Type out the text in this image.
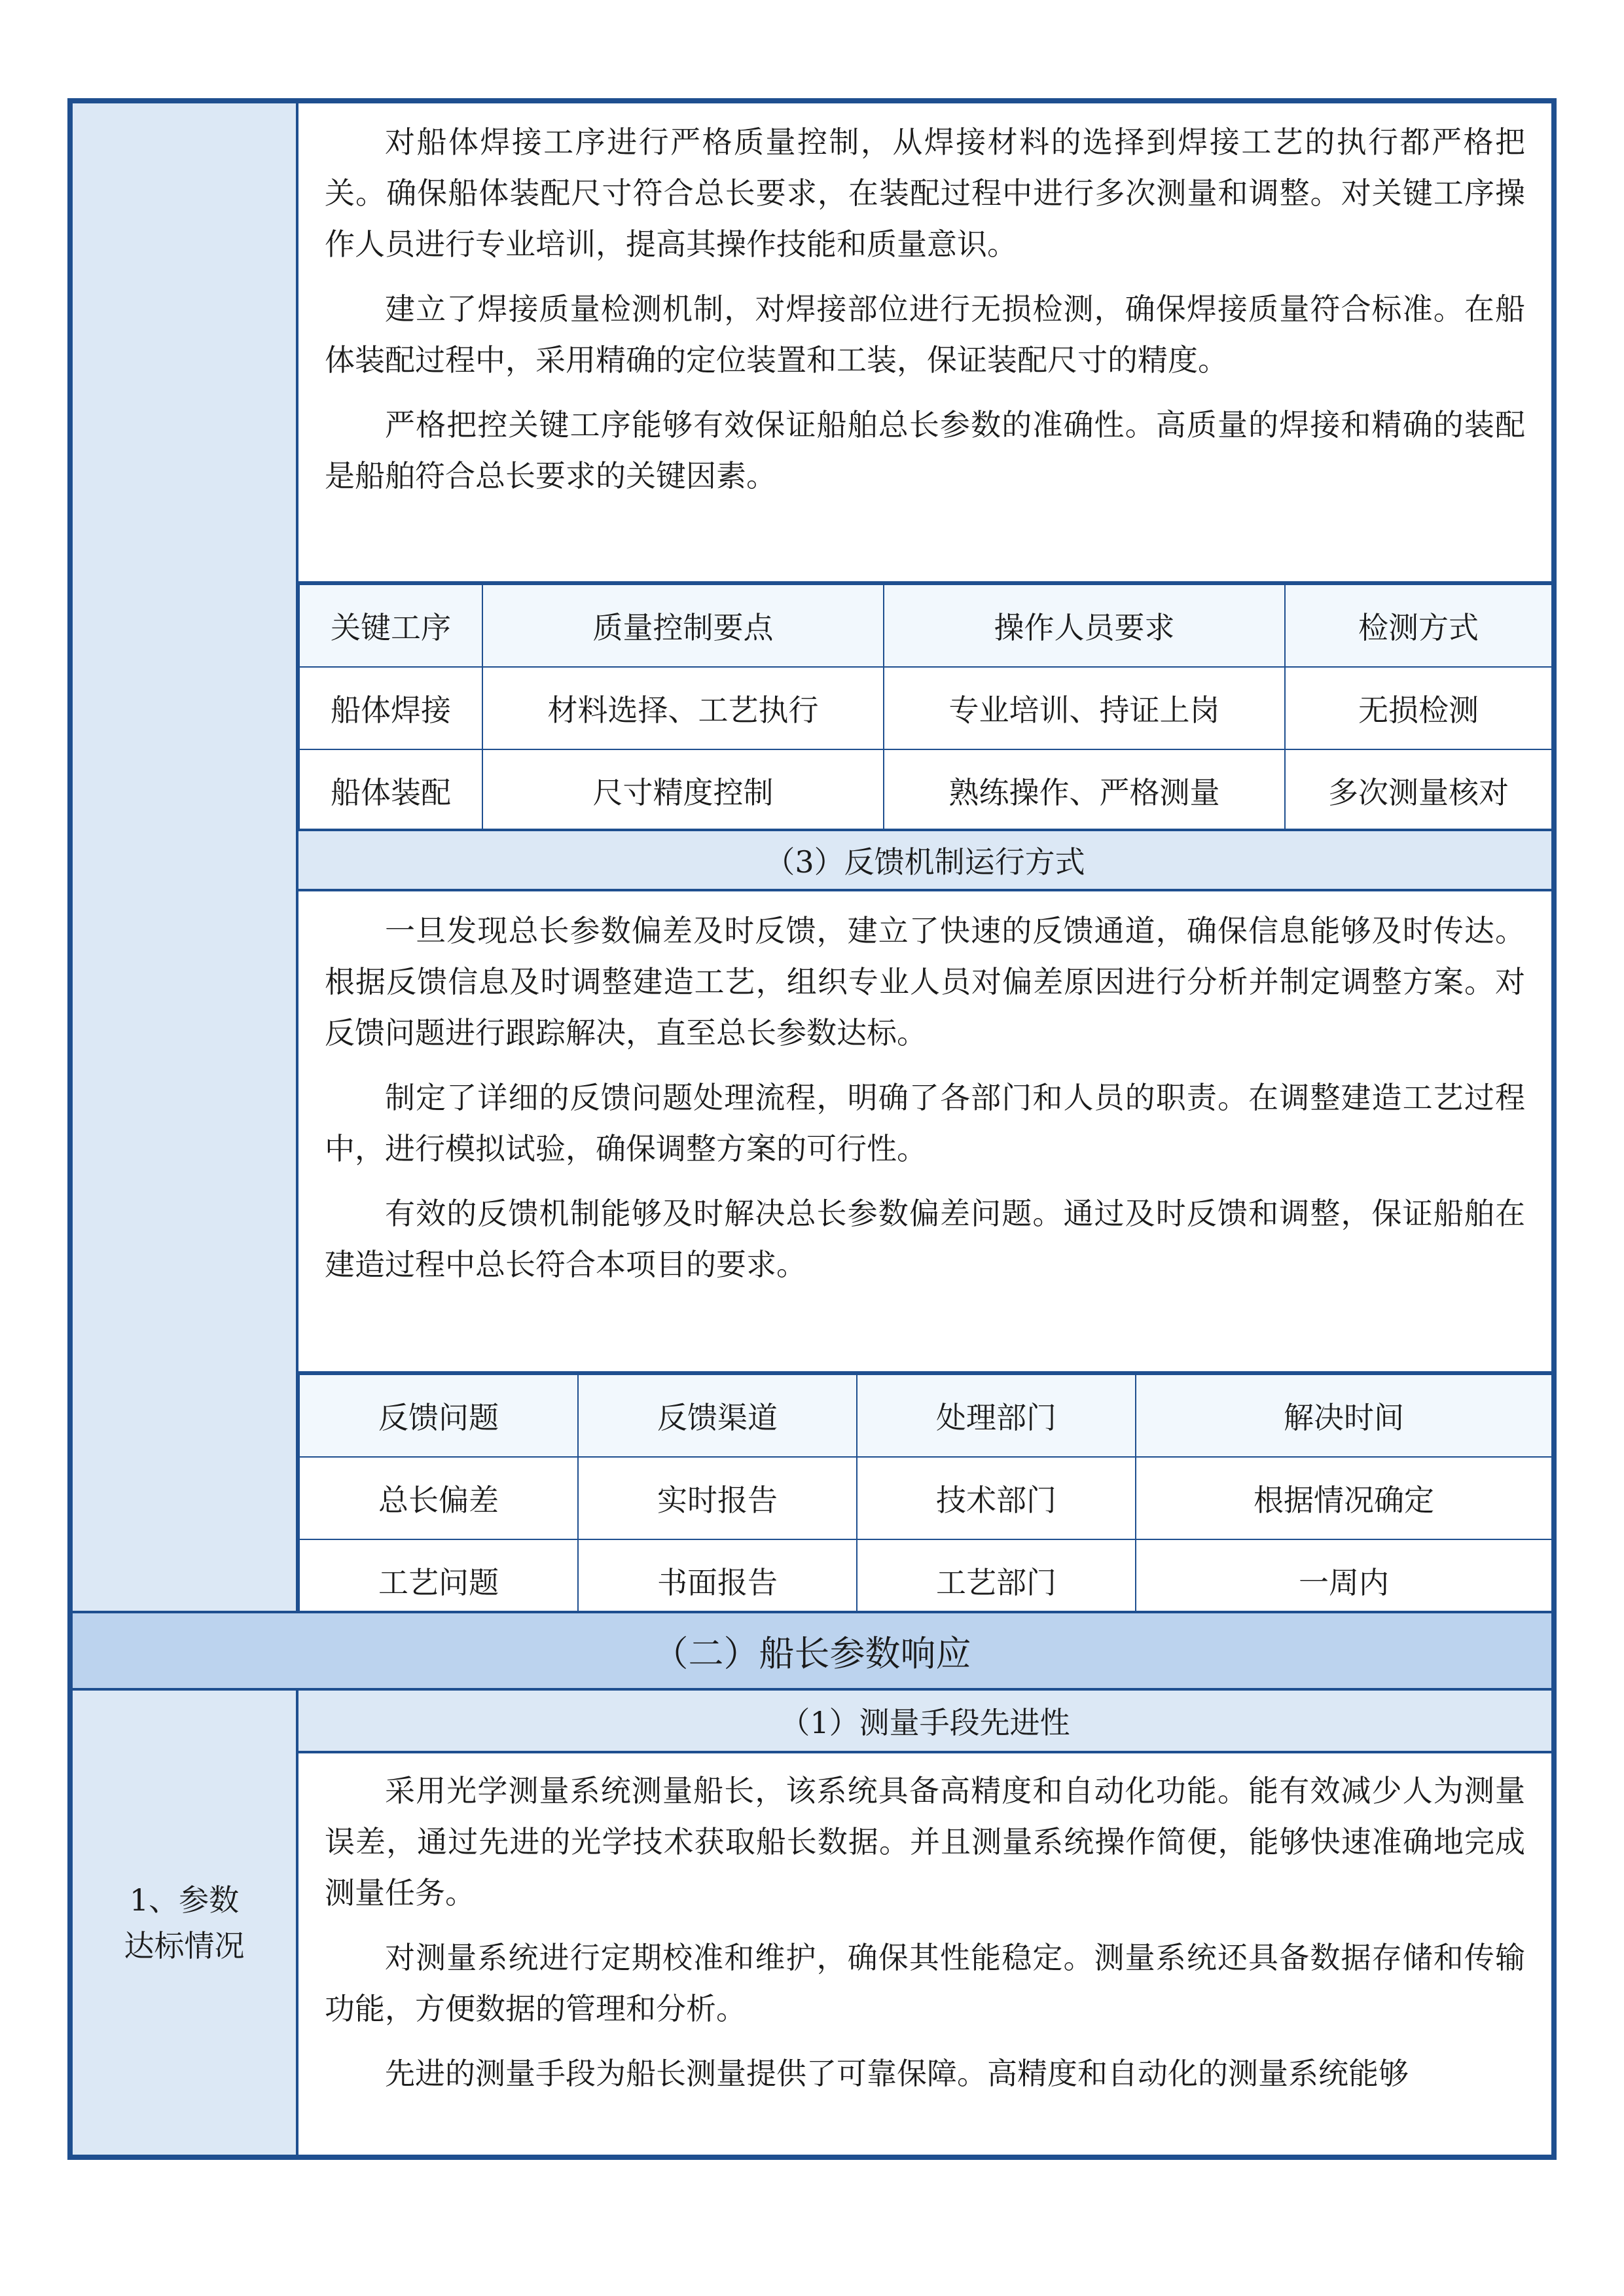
对船体焊接工序进行严格质量控制，从焊接材料的选择到焊接工艺的执行都严格把关。确保船体装配尺寸符合总长要求，在装配过程中进行多次测量和调整。对关键工序操作人员进行专业培训，提高其操作技能和质量意识。

建立了焊接质量检测机制，对焊接部位进行无损检测，确保焊接质量符合标准。在船体装配过程中，采用精确的定位装置和工装，保证装配尺寸的精度。

严格把控关键工序能够有效保证船舶总长参数的准确性。高质量的焊接和精确的装配是船舶符合总长要求的关键因素。

关键工序	质量控制要点	操作人员要求	检测方式
船体焊接	材料选择、工艺执行	专业培训、持证上岗	无损检测
船体装配	尺寸精度控制	熟练操作、严格测量	多次测量核对
（3）反馈机制运行方式

一旦发现总长参数偏差及时反馈，建立了快速的反馈通道，确保信息能够及时传达。根据反馈信息及时调整建造工艺，组织专业人员对偏差原因进行分析并制定调整方案。对反馈问题进行跟踪解决，直至总长参数达标。

制定了详细的反馈问题处理流程，明确了各部门和人员的职责。在调整建造工艺过程中，进行模拟试验，确保调整方案的可行性。

有效的反馈机制能够及时解决总长参数偏差问题。通过及时反馈和调整，保证船舶在建造过程中总长符合本项目的要求。

反馈问题	反馈渠道	处理部门	解决时间
总长偏差	实时报告	技术部门	根据情况确定
工艺问题	书面报告	工艺部门	一周内
（二）船长参数响应
1、参数达标情况
（1）测量手段先进性

采用光学测量系统测量船长，该系统具备高精度和自动化功能。能有效减少人为测量误差，通过先进的光学技术获取船长数据。并且测量系统操作简便，能够快速准确地完成测量任务。

对测量系统进行定期校准和维护，确保其性能稳定。测量系统还具备数据存储和传输功能，方便数据的管理和分析。

先进的测量手段为船长测量提供了可靠保障。高精度和自动化的测量系统能够
